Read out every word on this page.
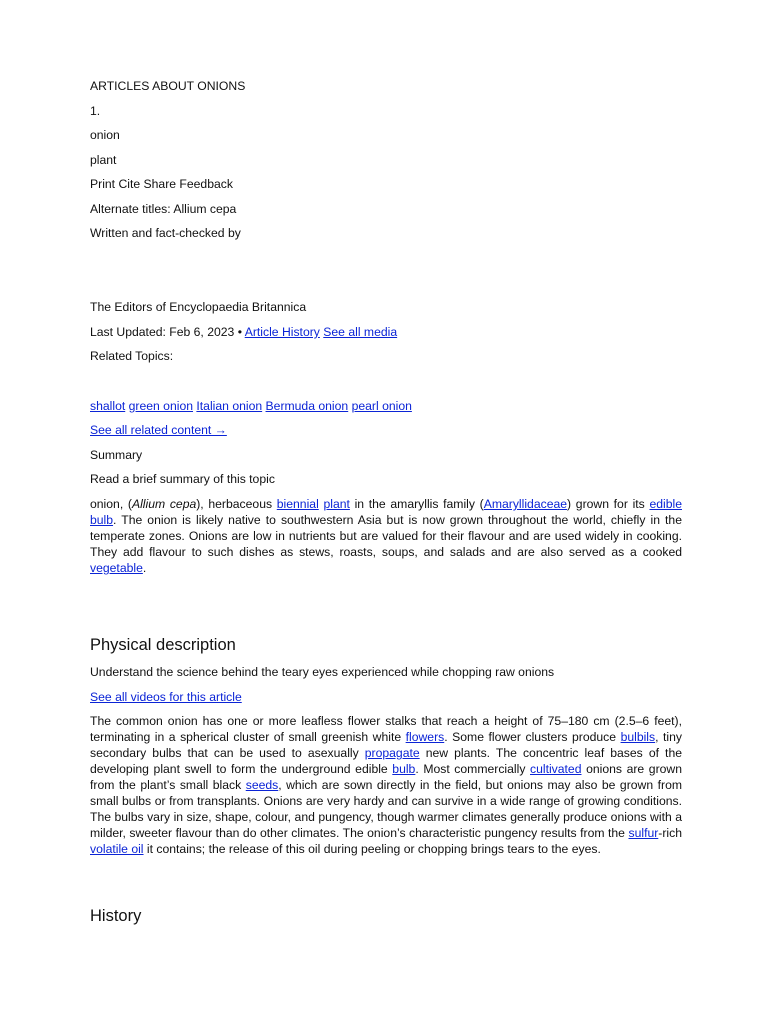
ARTICLES ABOUT ONIONS
1.
onion
plant
Print Cite Share Feedback
Alternate titles: Allium cepa
Written and fact-checked by
The Editors of Encyclopaedia Britannica
Last Updated: Feb 6, 2023 • Article History See all media
Related Topics:
shallot green onion Italian onion Bermuda onion pearl onion
See all related content →
Summary
Read a brief summary of this topic
onion, (Allium cepa), herbaceous biennial plant in the amaryllis family (Amaryllidaceae) grown for its edible bulb. The onion is likely native to southwestern Asia but is now grown throughout the world, chiefly in the temperate zones. Onions are low in nutrients but are valued for their flavour and are used widely in cooking. They add flavour to such dishes as stews, roasts, soups, and salads and are also served as a cooked vegetable.
Physical description
Understand the science behind the teary eyes experienced while chopping raw onions
See all videos for this article
The common onion has one or more leafless flower stalks that reach a height of 75–180 cm (2.5–6 feet), terminating in a spherical cluster of small greenish white flowers. Some flower clusters produce bulbils, tiny secondary bulbs that can be used to asexually propagate new plants. The concentric leaf bases of the developing plant swell to form the underground edible bulb. Most commercially cultivated onions are grown from the plant’s small black seeds, which are sown directly in the field, but onions may also be grown from small bulbs or from transplants. Onions are very hardy and can survive in a wide range of growing conditions. The bulbs vary in size, shape, colour, and pungency, though warmer climates generally produce onions with a milder, sweeter flavour than do other climates. The onion’s characteristic pungency results from the sulfur-rich volatile oil it contains; the release of this oil during peeling or chopping brings tears to the eyes.
History
